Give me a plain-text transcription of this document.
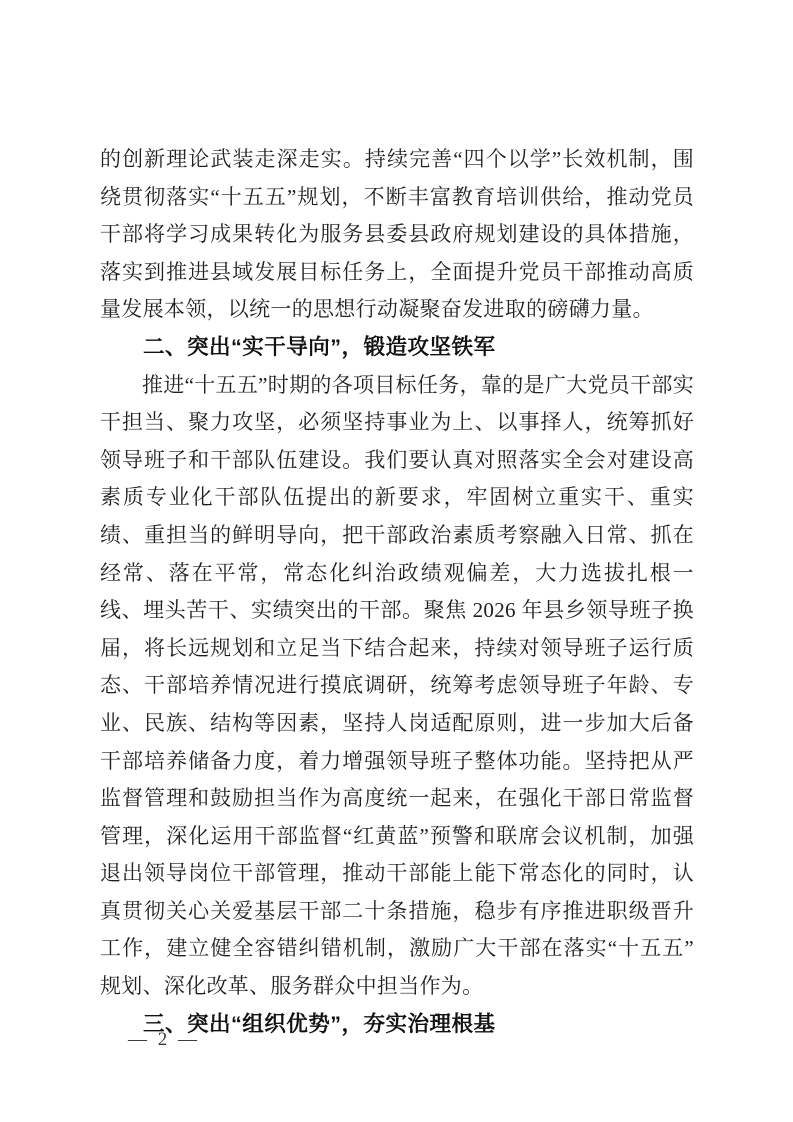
的创新理论武装走深走实。持续完善“四个以学”长效机制，围绕贯彻落实“十五五”规划，不断丰富教育培训供给，推动党员干部将学习成果转化为服务县委县政府规划建设的具体措施，落实到推进县域发展目标任务上，全面提升党员干部推动高质量发展本领，以统一的思想行动凝聚奋发进取的磅礴力量。

二、突出“实干导向”，锻造攻坚铁军

推进“十五五”时期的各项目标任务，靠的是广大党员干部实干担当、聚力攻坚，必须坚持事业为上、以事择人，统筹抓好领导班子和干部队伍建设。我们要认真对照落实全会对建设高素质专业化干部队伍提出的新要求，牢固树立重实干、重实绩、重担当的鲜明导向，把干部政治素质考察融入日常、抓在经常、落在平常，常态化纠治政绩观偏差，大力选拔扎根一线、埋头苦干、实绩突出的干部。聚焦 2026 年县乡领导班子换届，将长远规划和立足当下结合起来，持续对领导班子运行质态、干部培养情况进行摸底调研，统筹考虑领导班子年龄、专业、民族、结构等因素，坚持人岗适配原则，进一步加大后备干部培养储备力度，着力增强领导班子整体功能。坚持把从严监督管理和鼓励担当作为高度统一起来，在强化干部日常监督管理，深化运用干部监督“红黄蓝”预警和联席会议机制，加强退出领导岗位干部管理，推动干部能上能下常态化的同时，认真贯彻关心关爱基层干部二十条措施，稳步有序推进职级晋升工作，建立健全容错纠错机制，激励广大干部在落实“十五五”规划、深化改革、服务群众中担当作为。

三、突出“组织优势”，夯实治理根基
— 2 —
